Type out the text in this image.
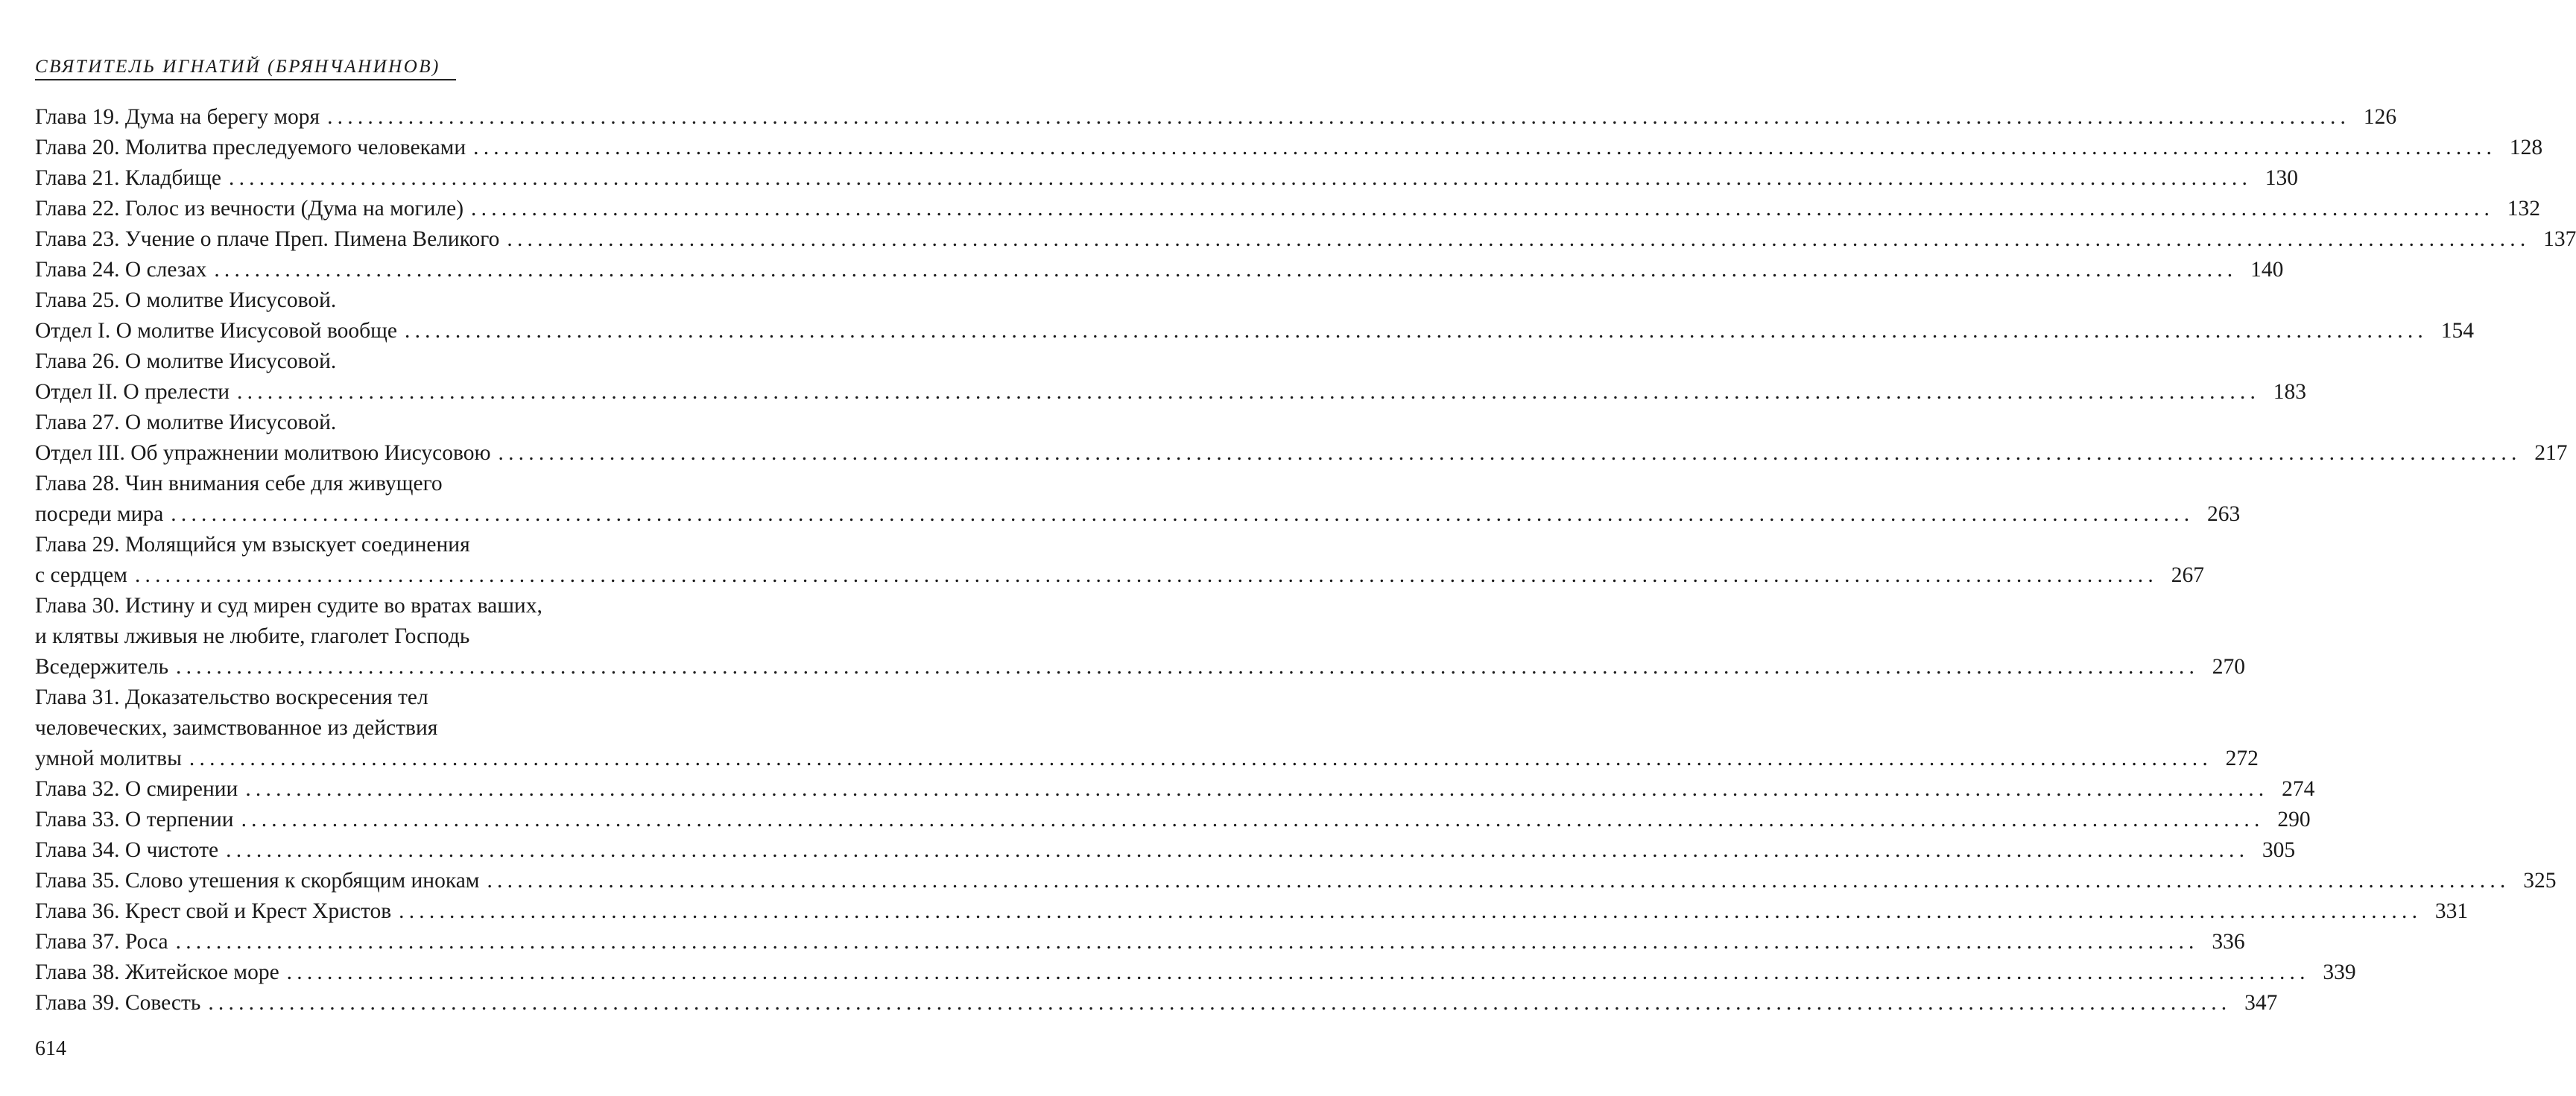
СВЯТИТЕЛЬ ИГНАТИЙ (БРЯНЧАНИНОВ)
Глава 19. Дума на берегу моря ........................................................................................................................................................................................................ 126
Глава 20. Молитва преследуемого человеками ........................................................................................................................................................................................................ 128
Глава 21. Кладбище ........................................................................................................................................................................................................ 130
Глава 22. Голос из вечности (Дума на могиле) ........................................................................................................................................................................................................ 132
Глава 23. Учение о плаче Преп. Пимена Великого ........................................................................................................................................................................................................ 137
Глава 24. О слезах ........................................................................................................................................................................................................ 140
Глава 25. О молитве Иисусовой.
Отдел I. О молитве Иисусовой вообще ........................................................................................................................................................................................................ 154
Глава 26. О молитве Иисусовой.
Отдел II. О прелести ........................................................................................................................................................................................................ 183
Глава 27. О молитве Иисусовой.
Отдел III. Об упражнении молитвою Иисусовою ........................................................................................................................................................................................................ 217
Глава 28. Чин внимания себе для живущего
посреди мира ........................................................................................................................................................................................................ 263
Глава 29. Молящийся ум взыскует соединения
с сердцем ........................................................................................................................................................................................................ 267
Глава 30. Истину и суд мирен судите во вратах ваших,
и клятвы лживыя не любите, глаголет Господь
Вседержитель ........................................................................................................................................................................................................ 270
Глава 31. Доказательство воскресения тел
человеческих, заимствованное из действия
умной молитвы ........................................................................................................................................................................................................ 272
Глава 32. О смирении ........................................................................................................................................................................................................ 274
Глава 33. О терпении ........................................................................................................................................................................................................ 290
Глава 34. О чистоте ........................................................................................................................................................................................................ 305
Глава 35. Слово утешения к скорбящим инокам ........................................................................................................................................................................................................ 325
Глава 36. Крест свой и Крест Христов ........................................................................................................................................................................................................ 331
Глава 37. Роса ........................................................................................................................................................................................................ 336
Глава 38. Житейское море ........................................................................................................................................................................................................ 339
Глава 39. Совесть ........................................................................................................................................................................................................ 347
614
